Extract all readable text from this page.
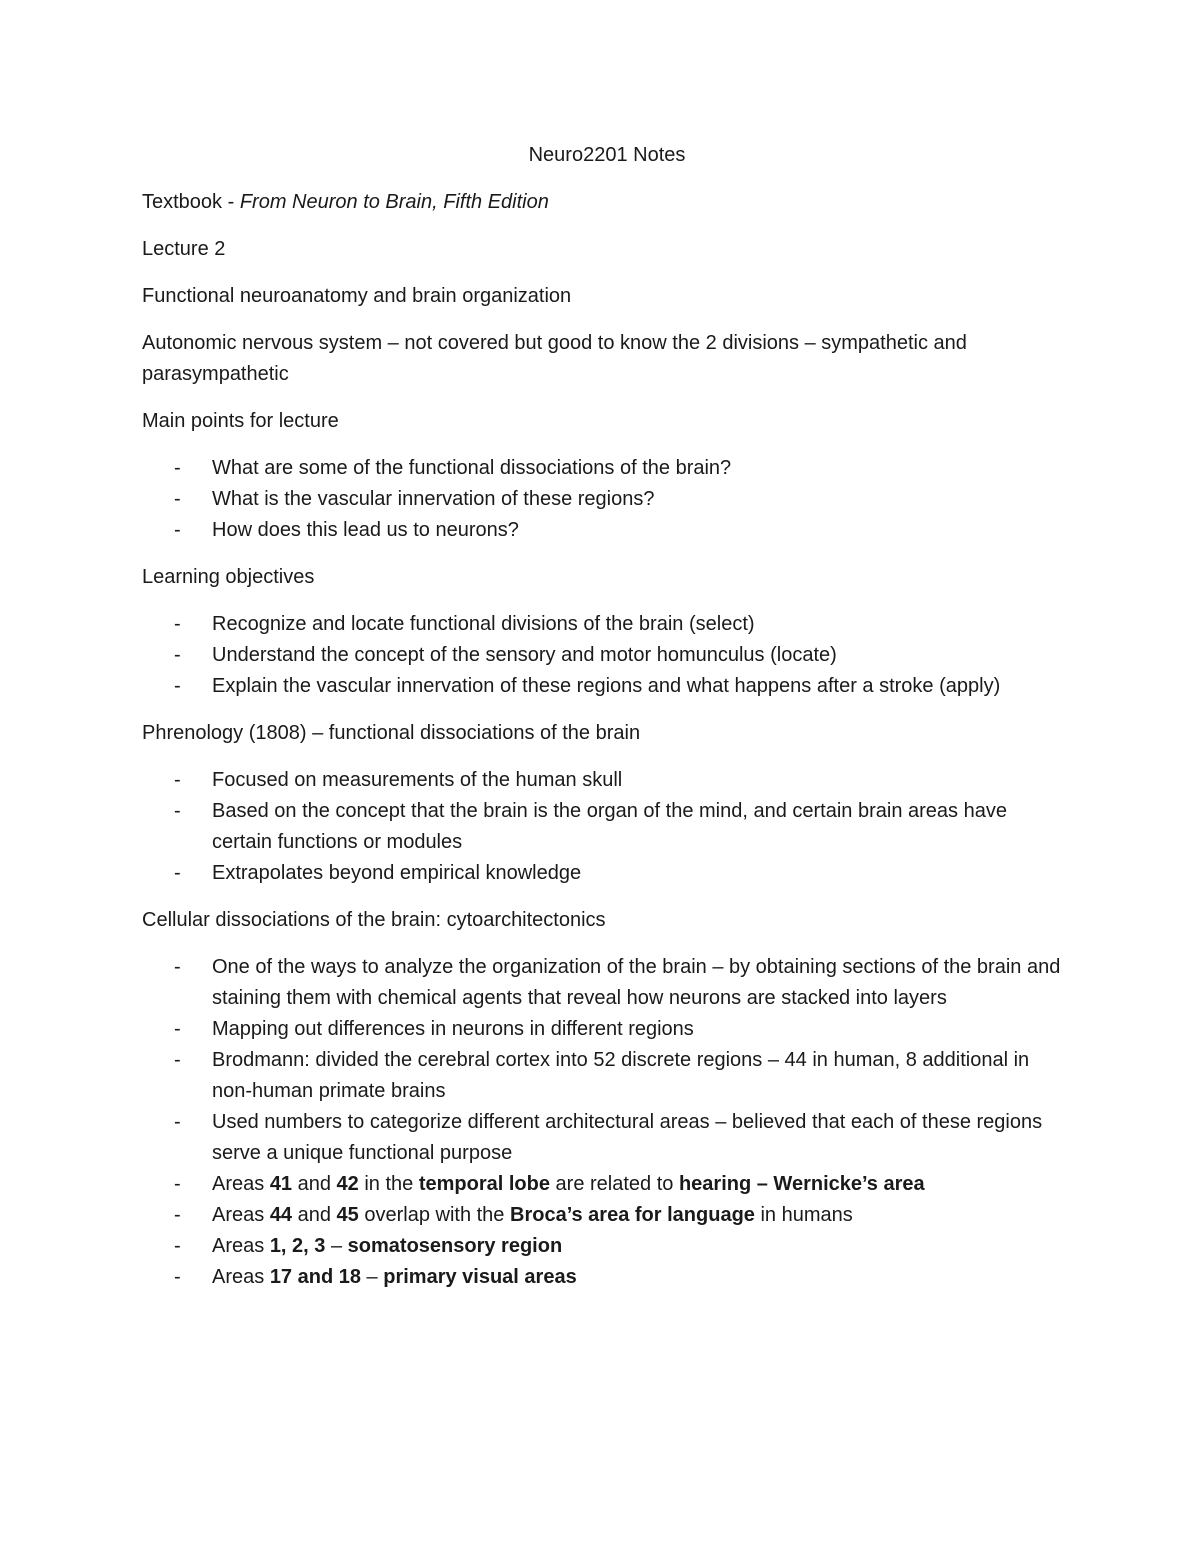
Neuro2201 Notes

Textbook - From Neuron to Brain, Fifth Edition

Lecture 2

Functional neuroanatomy and brain organization

Autonomic nervous system – not covered but good to know the 2 divisions – sympathetic and parasympathetic

Main points for lecture

- What are some of the functional dissociations of the brain?
- What is the vascular innervation of these regions?
- How does this lead us to neurons?

Learning objectives

- Recognize and locate functional divisions of the brain (select)
- Understand the concept of the sensory and motor homunculus (locate)
- Explain the vascular innervation of these regions and what happens after a stroke (apply)

Phrenology (1808) – functional dissociations of the brain

- Focused on measurements of the human skull
- Based on the concept that the brain is the organ of the mind, and certain brain areas have certain functions or modules
- Extrapolates beyond empirical knowledge

Cellular dissociations of the brain: cytoarchitectonics

- One of the ways to analyze the organization of the brain – by obtaining sections of the brain and staining them with chemical agents that reveal how neurons are stacked into layers
- Mapping out differences in neurons in different regions
- Brodmann: divided the cerebral cortex into 52 discrete regions – 44 in human, 8 additional in non-human primate brains
- Used numbers to categorize different architectural areas – believed that each of these regions serve a unique functional purpose
- Areas 41 and 42 in the temporal lobe are related to hearing – Wernicke’s area
- Areas 44 and 45 overlap with the Broca’s area for language in humans
- Areas 1, 2, 3 – somatosensory region
- Areas 17 and 18 – primary visual areas
